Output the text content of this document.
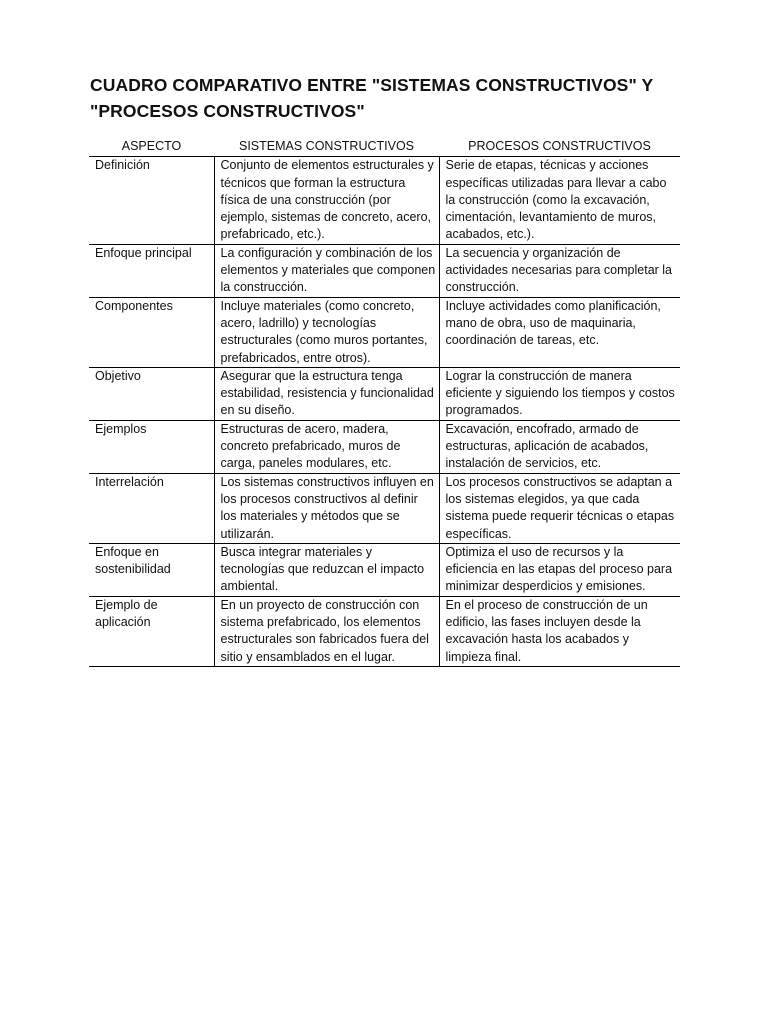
CUADRO COMPARATIVO ENTRE "SISTEMAS CONSTRUCTIVOS" Y
"PROCESOS CONSTRUCTIVOS"
ASPECTO	SISTEMAS CONSTRUCTIVOS	PROCESOS CONSTRUCTIVOS
Definición	Conjunto de elementos estructurales y técnicos que forman la estructura física de una construcción (por ejemplo, sistemas de concreto, acero, prefabricado, etc.).	Serie de etapas, técnicas y acciones específicas utilizadas para llevar a cabo la construcción (como la excavación, cimentación, levantamiento de muros, acabados, etc.).
Enfoque principal	La configuración y combinación de los elementos y materiales que componen la construcción.	La secuencia y organización de actividades necesarias para completar la construcción.
Componentes	Incluye materiales (como concreto, acero, ladrillo) y tecnologías estructurales (como muros portantes, prefabricados, entre otros).	Incluye actividades como planificación, mano de obra, uso de maquinaria, coordinación de tareas, etc.
Objetivo	Asegurar que la estructura tenga estabilidad, resistencia y funcionalidad en su diseño.	Lograr la construcción de manera eficiente y siguiendo los tiempos y costos programados.
Ejemplos	Estructuras de acero, madera, concreto prefabricado, muros de carga, paneles modulares, etc.	Excavación, encofrado, armado de estructuras, aplicación de acabados, instalación de servicios, etc.
Interrelación	Los sistemas constructivos influyen en los procesos constructivos al definir los materiales y métodos que se utilizarán.	Los procesos constructivos se adaptan a los sistemas elegidos, ya que cada sistema puede requerir técnicas o etapas específicas.
Enfoque en sostenibilidad	Busca integrar materiales y tecnologías que reduzcan el impacto ambiental.	Optimiza el uso de recursos y la eficiencia en las etapas del proceso para minimizar desperdicios y emisiones.
Ejemplo de aplicación	En un proyecto de construcción con sistema prefabricado, los elementos estructurales son fabricados fuera del sitio y ensamblados en el lugar.	En el proceso de construcción de un edificio, las fases incluyen desde la excavación hasta los acabados y limpieza final.
